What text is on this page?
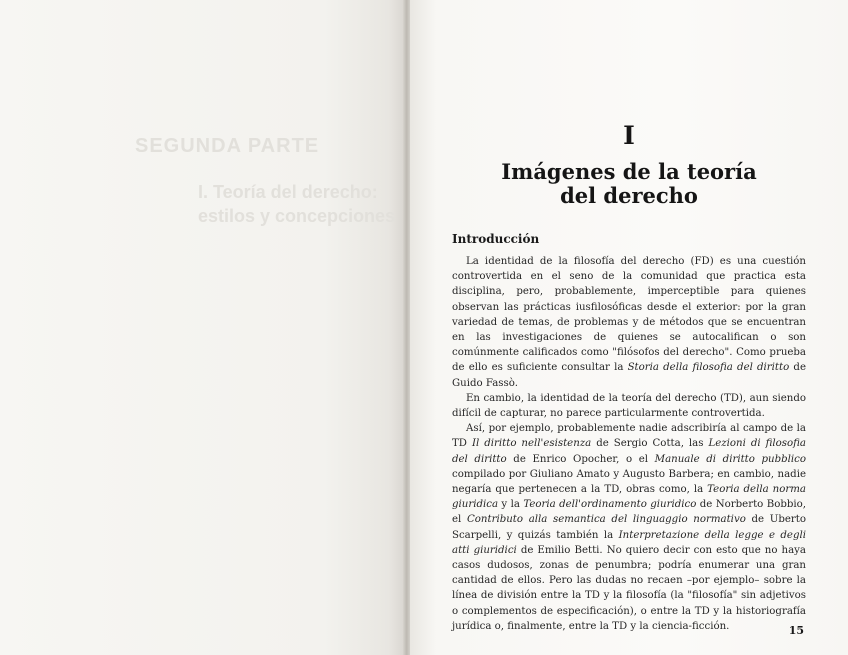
SEGUNDA PARTE
I. Teoría del derecho:
estilos y concepciones
I
Imágenes de la teoría
del derecho
Introducción

La identidad de la filosofía del derecho (FD) es una cuestión controvertida en el seno de la comunidad que practica esta disciplina, pero, probablemente, imperceptible para quienes observan las prácticas iusfilosóficas desde el exterior: por la gran variedad de temas, de problemas y de métodos que se encuentran en las investigaciones de quienes se autocalifican o son comúnmente calificados como "filósofos del derecho". Como prueba de ello es suficiente consultar la Storia della filosofia del diritto de Guido Fassò.

En cambio, la identidad de la teoría del derecho (TD), aun siendo difícil de capturar, no parece particularmente controvertida.

Así, por ejemplo, probablemente nadie adscribiría al campo de la TD Il diritto nell'esistenza de Sergio Cotta, las Lezioni di filosofia del diritto de Enrico Opocher, o el Manuale di diritto pubblico compilado por Giuliano Amato y Augusto Barbera; en cambio, nadie negaría que pertenecen a la TD, obras como, la Teoria della norma giuridica y la Teoria dell'ordinamento giuridico de Norberto Bobbio, el Contributo alla semantica del linguaggio normativo de Uberto Scarpelli, y quizás también la Interpretazione della legge e degli atti giuridici de Emilio Betti. No quiero decir con esto que no haya casos dudosos, zonas de penumbra; podría enumerar una gran cantidad de ellos. Pero las dudas no recaen –por ejemplo– sobre la línea de división entre la TD y la filosofía (la "filosofía" sin adjetivos o complementos de especificación), o entre la TD y la historiografía jurídica o, finalmente, entre la TD y la ciencia-ficción.	15
